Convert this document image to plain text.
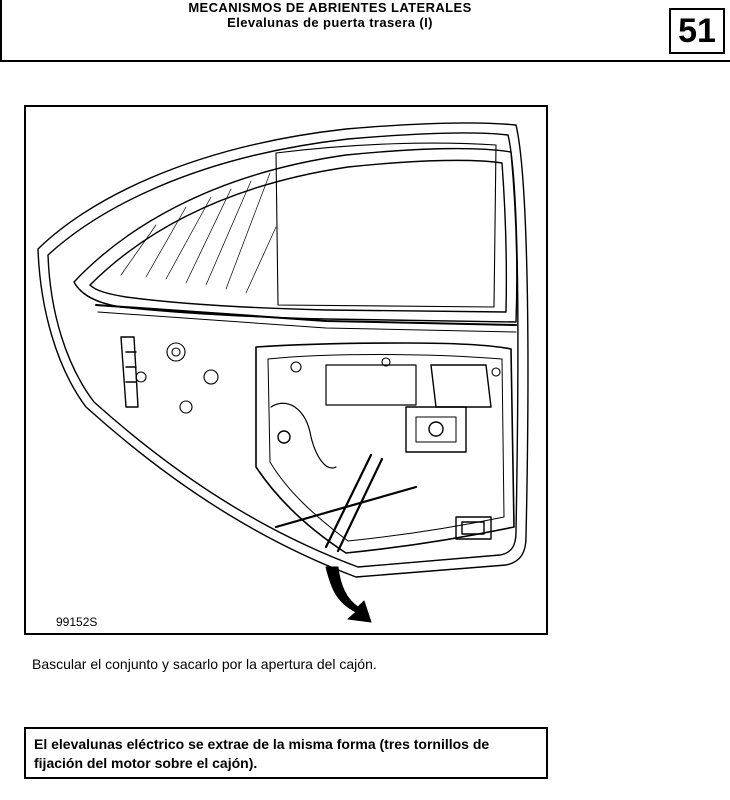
MECANISMOS DE ABRIENTES LATERALES
Elevalunas de puerta trasera (I)	51
99152S
Bascular el conjunto y sacarlo por la apertura del cajón.
El elevalunas eléctrico se extrae de la misma forma (tres tornillos de fijación del motor sobre el cajón).
